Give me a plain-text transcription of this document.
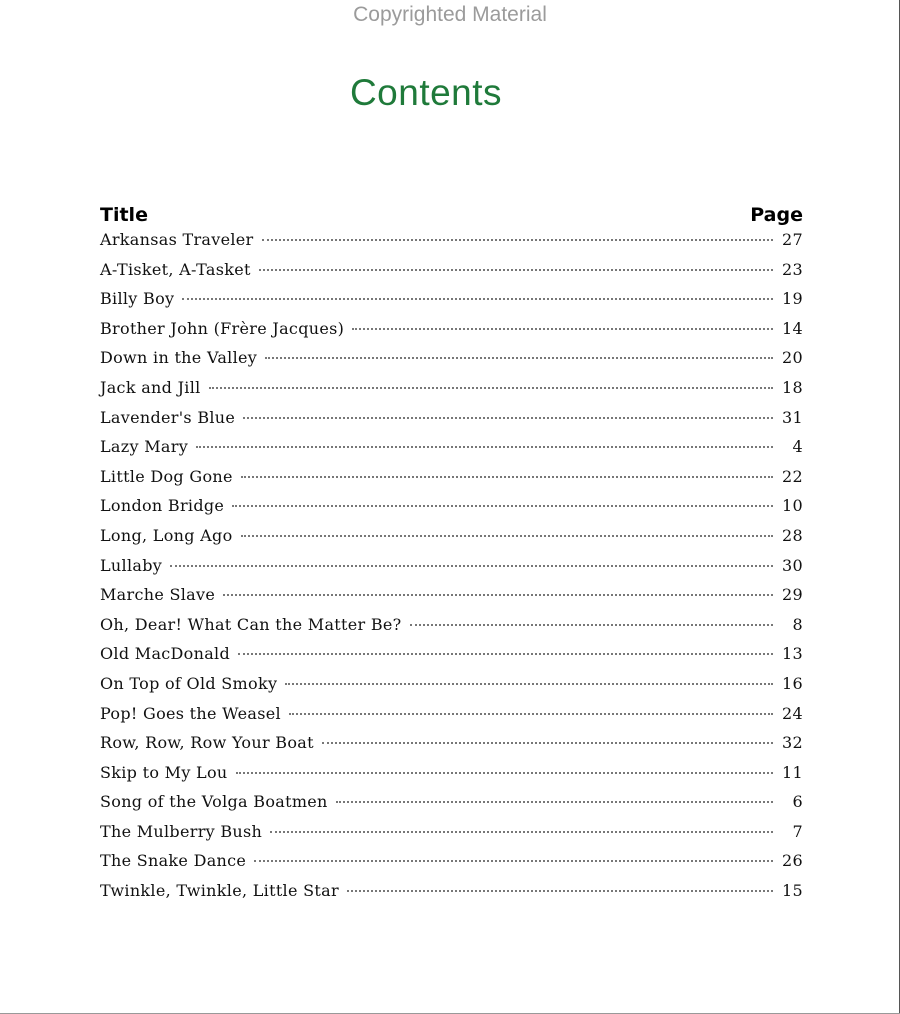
Copyrighted Material
Contents
Title	Page
Arkansas Traveler	27
A-Tisket, A-Tasket	23
Billy Boy	19
Brother John (Frère Jacques)	14
Down in the Valley	20
Jack and Jill	18
Lavender's Blue	31
Lazy Mary	4
Little Dog Gone	22
London Bridge	10
Long, Long Ago	28
Lullaby	30
Marche Slave	29
Oh, Dear! What Can the Matter Be?	8
Old MacDonald	13
On Top of Old Smoky	16
Pop! Goes the Weasel	24
Row, Row, Row Your Boat	32
Skip to My Lou	11
Song of the Volga Boatmen	6
The Mulberry Bush	7
The Snake Dance	26
Twinkle, Twinkle, Little Star	15
